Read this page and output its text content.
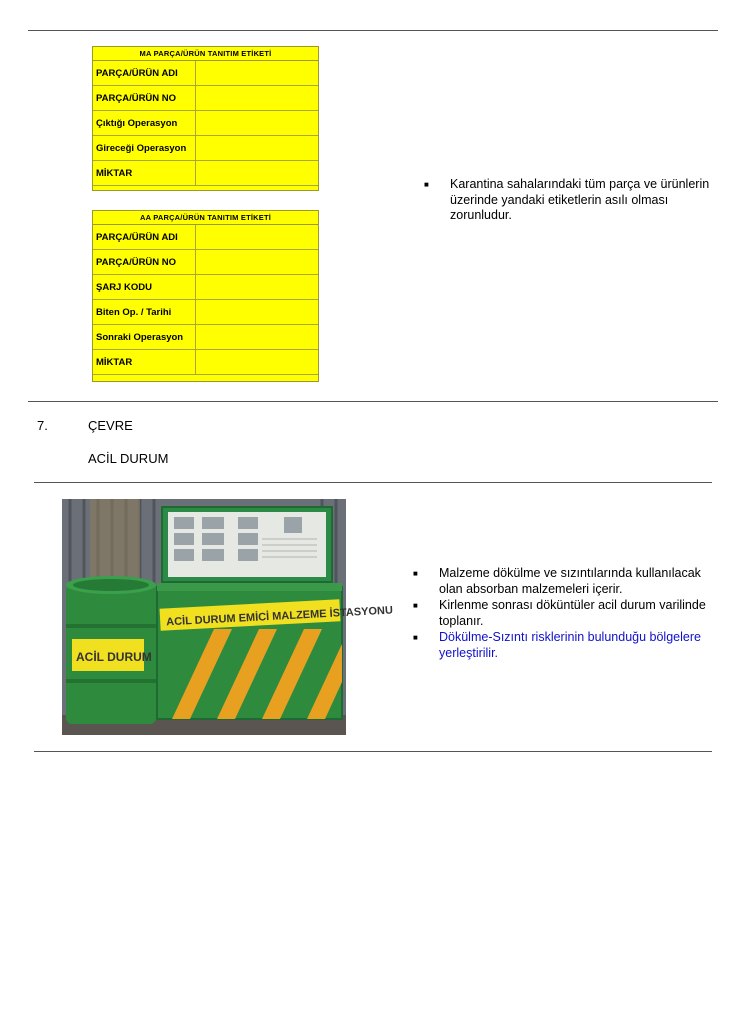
MA PARÇA/ÜRÜN TANITIM ETİKETİ
PARÇA/ÜRÜN ADI
PARÇA/ÜRÜN NO
Çıktığı Operasyon
Gireceği Operasyon
MİKTAR
AA PARÇA/ÜRÜN TANITIM ETİKETİ
PARÇA/ÜRÜN ADI
PARÇA/ÜRÜN NO
ŞARJ KODU
Biten Op. / Tarihi
Sonraki Operasyon
MİKTAR
■ Karantina sahalarındaki tüm parça ve ürünlerin üzerinde yandaki etiketlerin asılı olması zorunludur.
7.	ÇEVRE
ACİL DURUM
ACİL DURUM EMİCİ MALZEME İSTASYONU
ACİL DURUM
■ Malzeme dökülme ve sızıntılarında kullanılacak olan absorban malzemeleri içerir.
■ Kirlenme sonrası döküntüler acil durum varilinde toplanır.
■ Dökülme-Sızıntı risklerinin bulunduğu bölgelere yerleştirilir.
